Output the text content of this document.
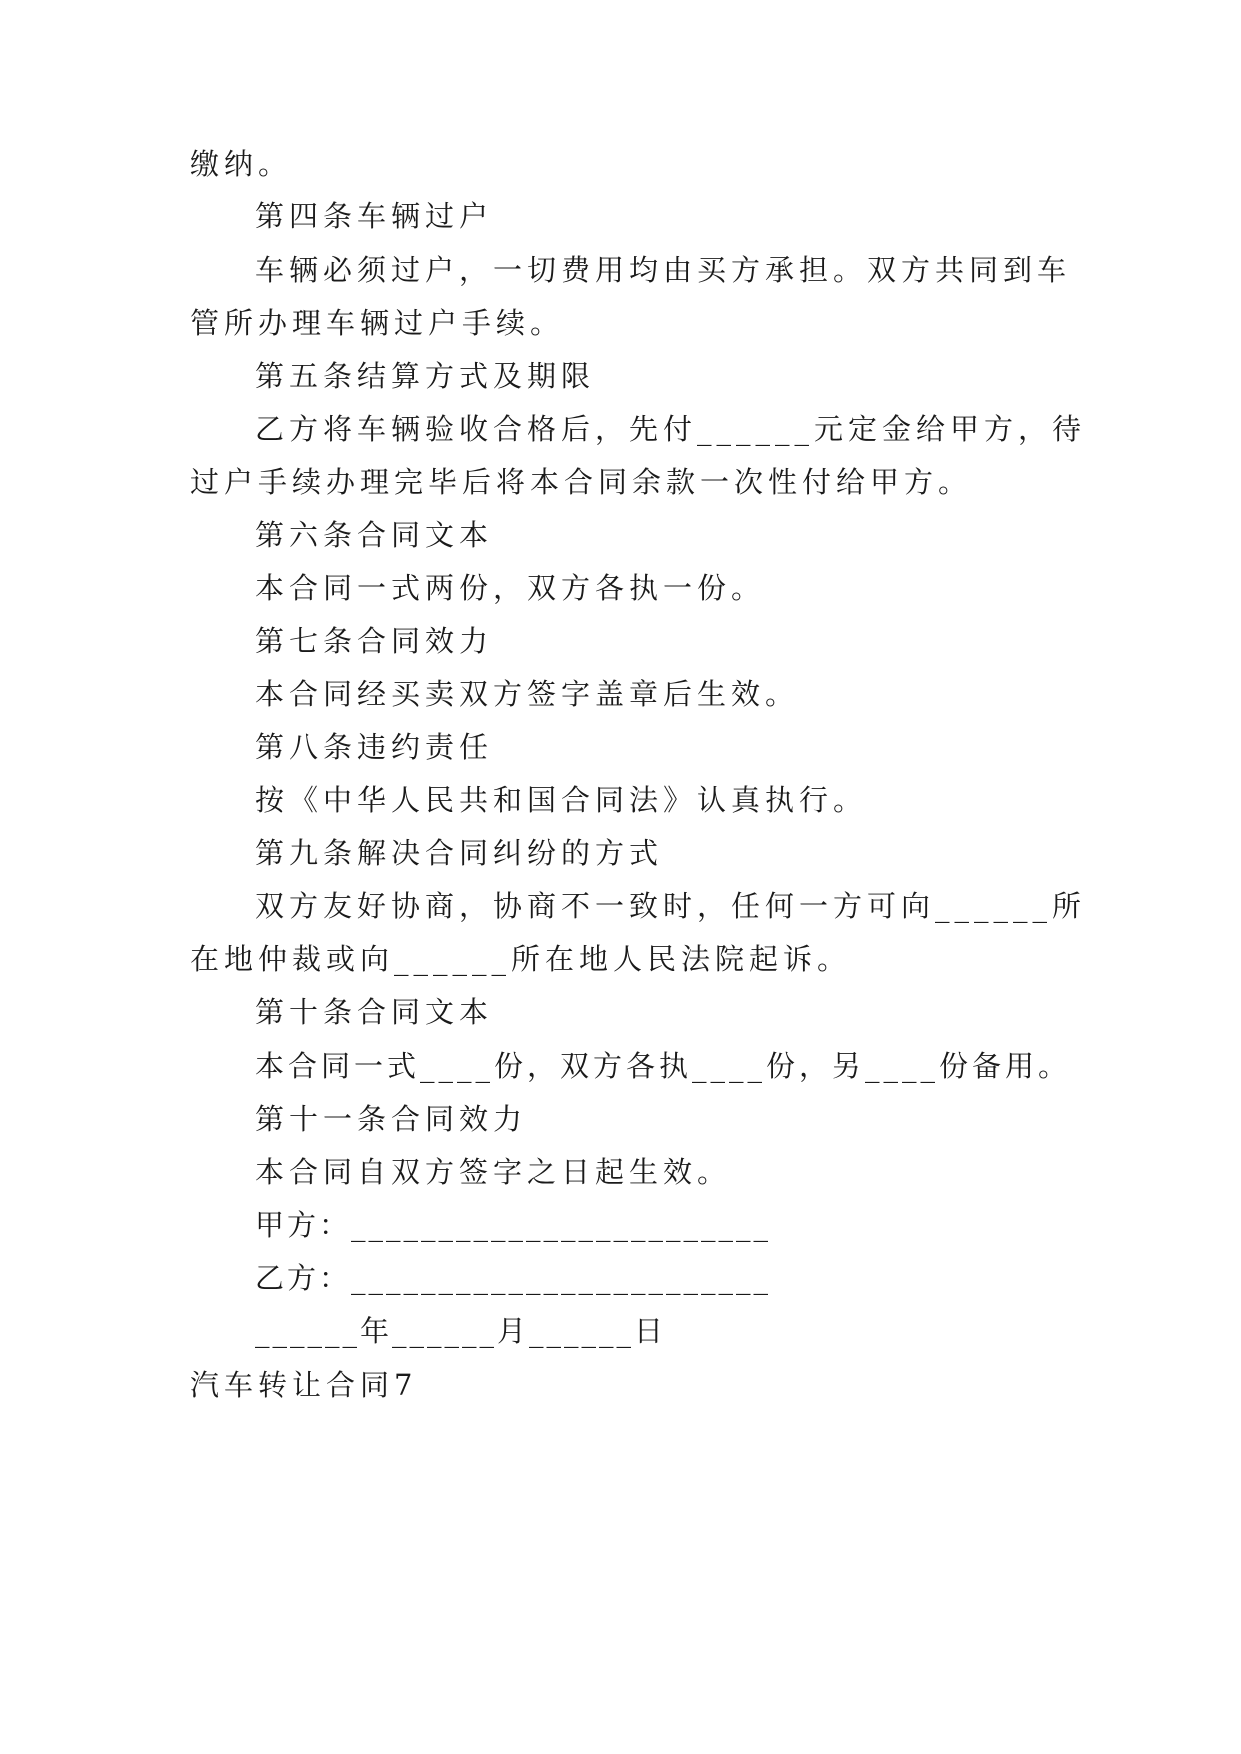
缴纳。
第四条车辆过户
车辆必须过户，一切费用均由买方承担。双方共同到车
管所办理车辆过户手续。
第五条结算方式及期限
乙方将车辆验收合格后，先付______元定金给甲方，待
过户手续办理完毕后将本合同余款一次性付给甲方。
第六条合同文本
本合同一式两份，双方各执一份。
第七条合同效力
本合同经买卖双方签字盖章后生效。
第八条违约责任
按《中华人民共和国合同法》认真执行。
第九条解决合同纠纷的方式
双方友好协商，协商不一致时，任何一方可向______所
在地仲裁或向______所在地人民法院起诉。
第十条合同文本
本合同一式____份，双方各执____份，另____份备用。
第十一条合同效力
本合同自双方签字之日起生效。
甲方：________________________
乙方：________________________
______年______月______日
汽车转让合同7
